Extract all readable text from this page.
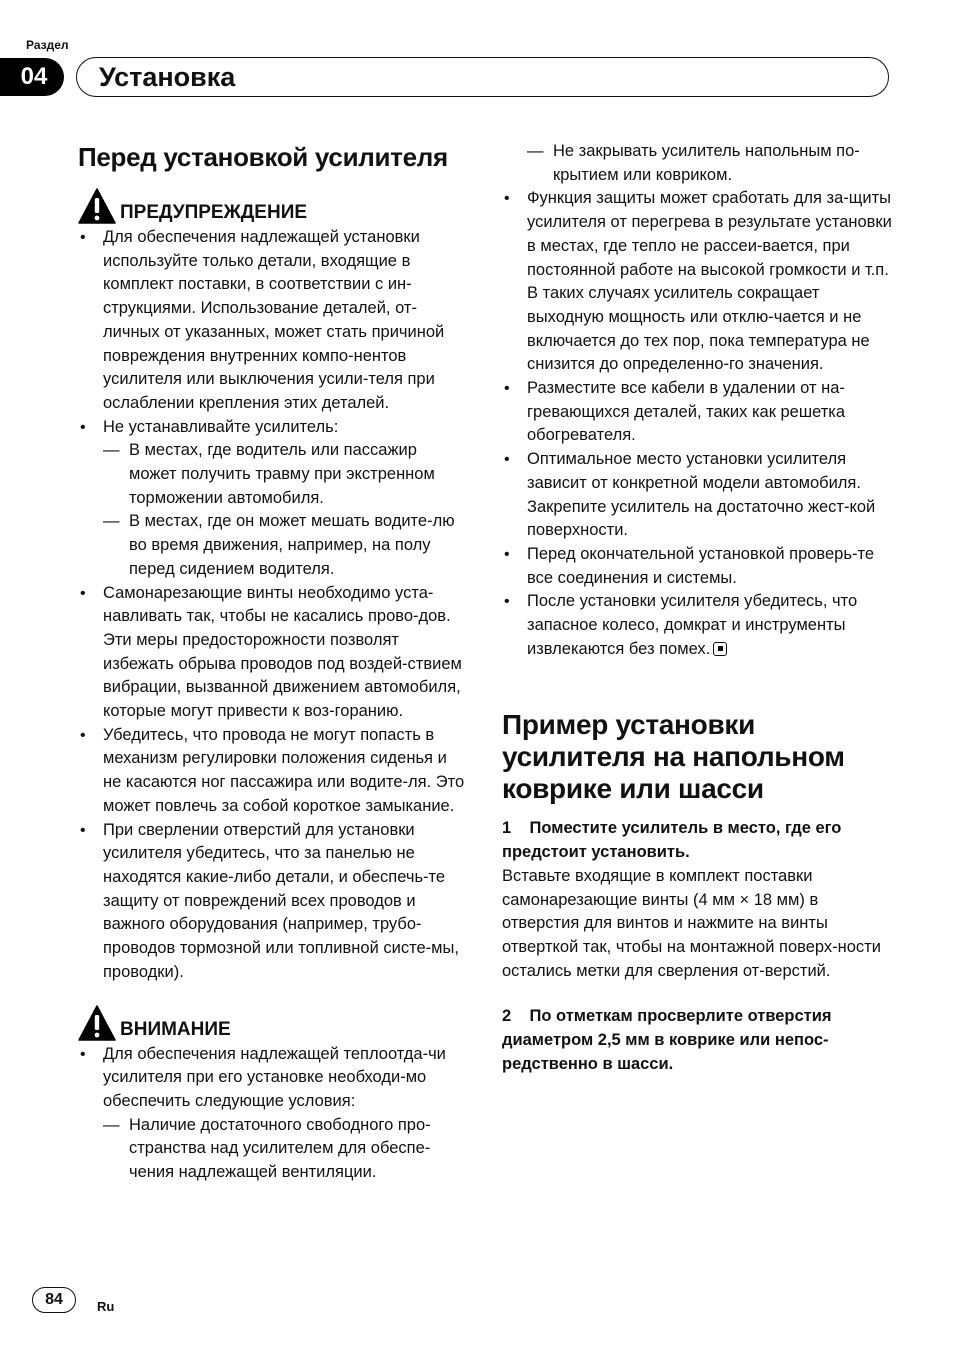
Раздел
04	Установка
Перед установкой усилителя
ПРЕДУПРЕЖДЕНИЕ
• Для обеспечения надлежащей установки используйте только детали, входящие в комплект поставки, в соответствии с ин-струкциями. Использование деталей, от-личных от указанных, может стать причиной повреждения внутренних компо-нентов усилителя или выключения усили-теля при ослаблении крепления этих деталей.
• Не устанавливайте усилитель:
— В местах, где водитель или пассажир может получить травму при экстренном торможении автомобиля.
— В местах, где он может мешать водите-лю во время движения, например, на полу перед сидением водителя.
• Самонарезающие винты необходимо уста-навливать так, чтобы не касались прово-дов. Эти меры предосторожности позволят избежать обрыва проводов под воздей-ствием вибрации, вызванной движением автомобиля, которые могут привести к воз-горанию.
• Убедитесь, что провода не могут попасть в механизм регулировки положения сиденья и не касаются ног пассажира или водите-ля. Это может повлечь за собой короткое замыкание.
• При сверлении отверстий для установки усилителя убедитесь, что за панелью не находятся какие-либо детали, и обеспечь-те защиту от повреждений всех проводов и важного оборудования (например, трубо-проводов тормозной или топливной систе-мы, проводки).
ВНИМАНИЕ
• Для обеспечения надлежащей теплоотда-чи усилителя при его установке необходи-мо обеспечить следующие условия:
— Наличие достаточного свободного про-странства над усилителем для обеспе-чения надлежащей вентиляции.
— Не закрывать усилитель напольным по-крытием или ковриком.
• Функция защиты может сработать для за-щиты усилителя от перегрева в результате установки в местах, где тепло не рассеи-вается, при постоянной работе на высокой громкости и т.п. В таких случаях усилитель сокращает выходную мощность или отклю-чается и не включается до тех пор, пока температура не снизится до определенно-го значения.
• Разместите все кабели в удалении от на-гревающихся деталей, таких как решетка обогревателя.
• Оптимальное место установки усилителя зависит от конкретной модели автомобиля. Закрепите усилитель на достаточно жест-кой поверхности.
• Перед окончательной установкой проверь-те все соединения и системы.
• После установки усилителя убедитесь, что запасное колесо, домкрат и инструменты извлекаются без помех.
Пример установки усилителя на напольном коврике или шасси
1    Поместите усилитель в место, где его предстоит установить.
Вставьте входящие в комплект поставки самонарезающие винты (4 мм × 18 мм) в отверстия для винтов и нажмите на винты отверткой так, чтобы на монтажной поверх-ности остались метки для сверления от-верстий.
2    По отметкам просверлите отверстия диаметром 2,5 мм в коврике или непос-редственно в шасси.
84	Ru
